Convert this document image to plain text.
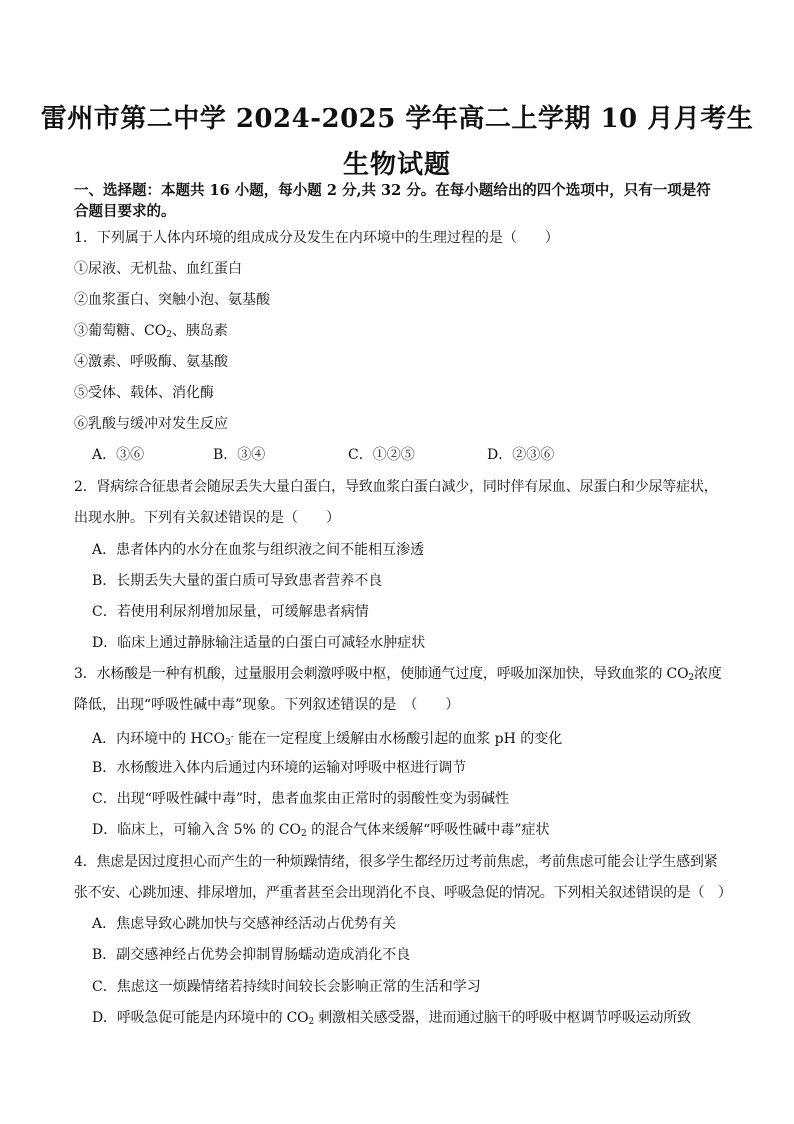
雷州市第二中学 2024-2025 学年高二上学期 10 月月考生
生物试题
一、选择题：本题共 16 小题，每小题 2 分,共 32 分。在每小题给出的四个选项中，只有一项是符合题目要求的。
1．下列属于人体内环境的组成成分及发生在内环境中的生理过程的是（　　）
①尿液、无机盐、血红蛋白
②血浆蛋白、突触小泡、氨基酸
③葡萄糖、$CO_2$、胰岛素
④激素、呼吸酶、氨基酸
⑤受体、载体、消化酶
⑥乳酸与缓冲对发生反应
A．③⑥	B．③④	C．①②⑤	D．②③⑥
2．肾病综合征患者会随尿丢失大量白蛋白，导致血浆白蛋白减少，同时伴有尿血、尿蛋白和少尿等症状，
出现水肿。下列有关叙述错误的是（　　）
A．患者体内的水分在血浆与组织液之间不能相互渗透
B．长期丢失大量的蛋白质可导致患者营养不良
C．若使用利尿剂增加尿量，可缓解患者病情
D．临床上通过静脉输注适量的白蛋白可减轻水肿症状
3．水杨酸是一种有机酸，过量服用会刺激呼吸中枢，使肺通气过度，呼吸加深加快，导致血浆的 $CO_2$浓度
降低，出现“呼吸性碱中毒”现象。下列叙述错误的是　（　　）
A．内环境中的 $HCO_3^-$ 能在一定程度上缓解由水杨酸引起的血浆 pH 的变化
B．水杨酸进入体内后通过内环境的运输对呼吸中枢进行调节
C．出现“呼吸性碱中毒”时，患者血浆由正常时的弱酸性变为弱碱性
D．临床上，可输入含 5% 的 $CO_2$ 的混合气体来缓解“呼吸性碱中毒”症状
4．焦虑是因过度担心而产生的一种烦躁情绪，很多学生都经历过考前焦虑，考前焦虑可能会让学生感到紧
张不安、心跳加速、排尿增加，严重者甚至会出现消化不良、呼吸急促的情况。下列相关叙述错误的是（　）
A．焦虑导致心跳加快与交感神经活动占优势有关
B．副交感神经占优势会抑制胃肠蠕动造成消化不良
C．焦虑这一烦躁情绪若持续时间较长会影响正常的生活和学习
D．呼吸急促可能是内环境中的 $CO_2$ 刺激相关感受器，进而通过脑干的呼吸中枢调节呼吸运动所致
